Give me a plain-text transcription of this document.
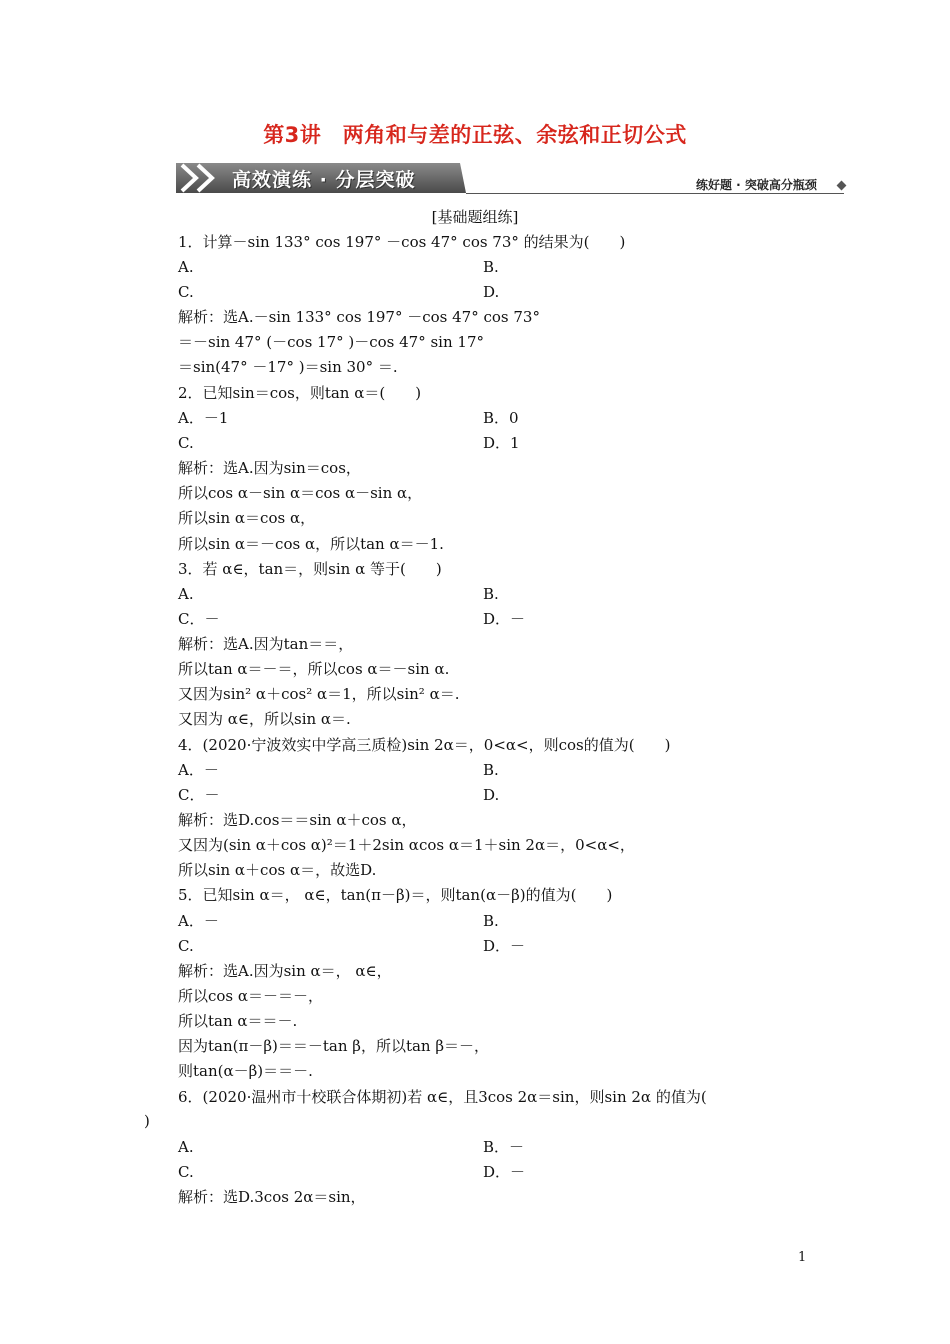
第3讲　两角和与差的正弦、余弦和正切公式
高效演练 · 分层突破	练好题 · 突破高分瓶颈
[基础题组练]
1．计算－sin 133° cos 197° －cos 47° cos 73° 的结果为(　　)
A.	B.
C.	D.
解析：选A.－sin 133° cos 197° －cos 47° cos 73°
＝－sin 47° (－cos 17° )－cos 47° sin 17°
＝sin(47° －17° )＝sin 30° ＝.
2．已知sin＝cos，则tan α＝(　　)
A．－1	B．0
C.	D．1
解析：选A.因为sin＝cos，
所以cos α－sin α＝cos α－sin α，
所以sin α＝cos α，
所以sin α＝－cos α，所以tan α＝－1.
3．若 α∈，tan＝，则sin α 等于(　　)
A.	B.
C．－	D．－
解析：选A.因为tan＝＝，
所以tan α＝－＝，所以cos α＝－sin α.
又因为sin² α＋cos² α＝1，所以sin² α＝.
又因为 α∈，所以sin α＝.
4．(2020·宁波效实中学高三质检)sin 2α＝，0<α<，则cos的值为(　　)
A．－	B.
C．－	D.
解析：选D.cos＝＝sin α＋cos α，
又因为(sin α＋cos α)²＝1＋2sin αcos α＝1＋sin 2α＝，0<α<，
所以sin α＋cos α＝，故选D.
5．已知sin α＝， α∈，tan(π－β)＝，则tan(α－β)的值为(　　)
A．－	B.
C.	D．－
解析：选A.因为sin α＝， α∈，
所以cos α＝－＝－，
所以tan α＝＝－.
因为tan(π－β)＝＝－tan β，所以tan β＝－，
则tan(α－β)＝＝－.
6．(2020·温州市十校联合体期初)若 α∈，且3cos 2α＝sin，则sin 2α 的值为(
)
A.	B．－
C.	D．－
解析：选D.3cos 2α＝sin，
1
